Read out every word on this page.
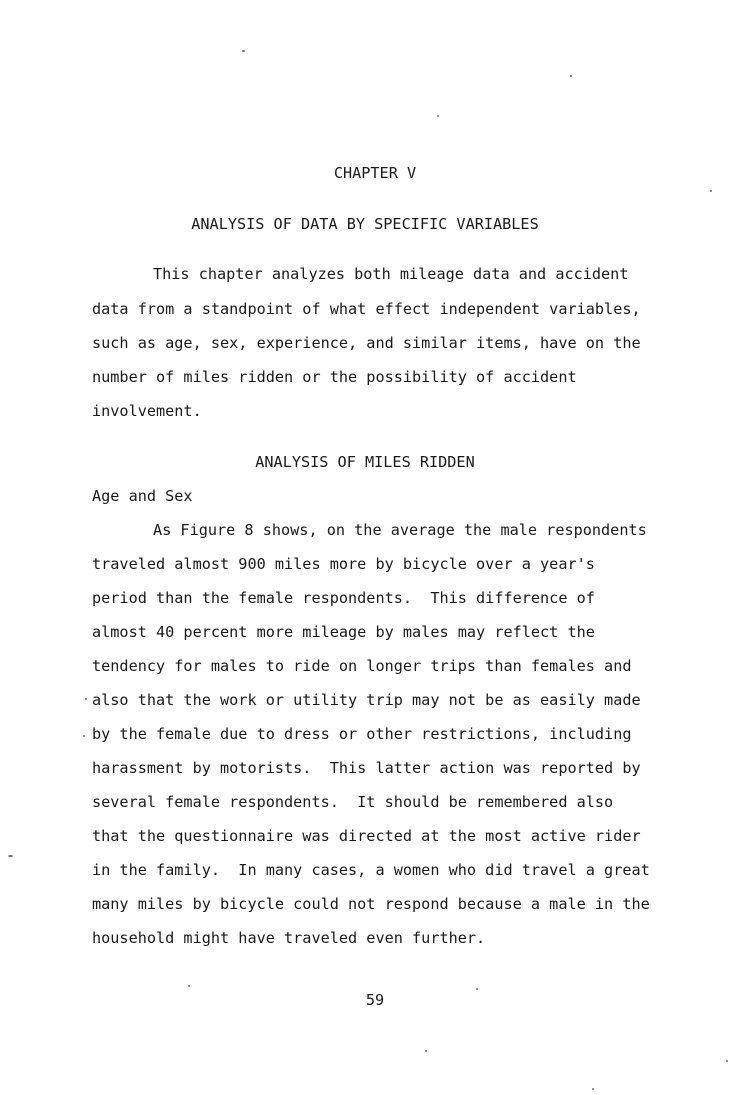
CHAPTER V
ANALYSIS OF DATA BY SPECIFIC VARIABLES
This chapter analyzes both mileage data and accident
data from a standpoint of what effect independent variables,
such as age, sex, experience, and similar items, have on the
number of miles ridden or the possibility of accident
involvement.
ANALYSIS OF MILES RIDDEN
Age and Sex
As Figure 8 shows, on the average the male respondents
traveled almost 900 miles more by bicycle over a year's
period than the female respondents.  This difference of
almost 40 percent more mileage by males may reflect the
tendency for males to ride on longer trips than females and
also that the work or utility trip may not be as easily made
by the female due to dress or other restrictions, including
harassment by motorists.  This latter action was reported by
several female respondents.  It should be remembered also
that the questionnaire was directed at the most active rider
in the family.  In many cases, a women who did travel a great
many miles by bicycle could not respond because a male in the
household might have traveled even further.
59
